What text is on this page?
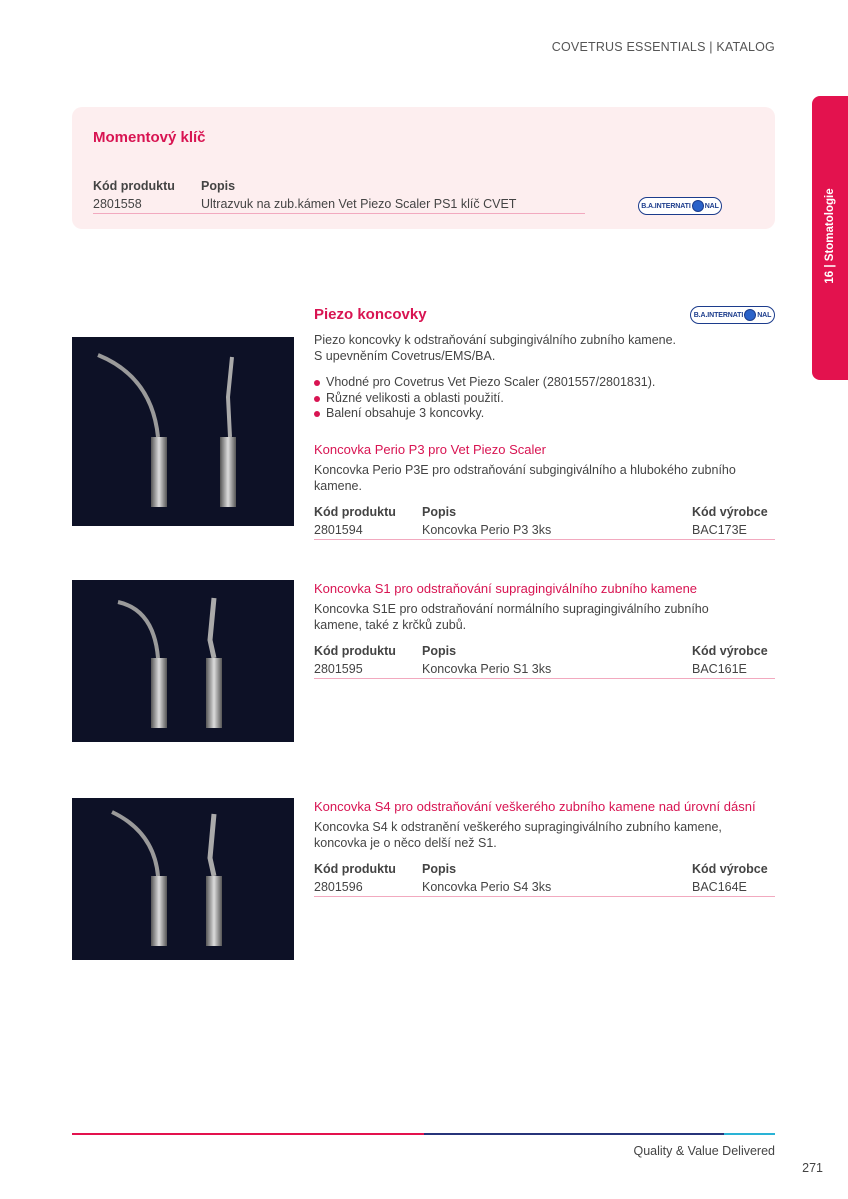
COVETRUS ESSENTIALS | KATALOG
16 | Stomatologie
Momentový klíč
Kód produktu Popis
2801558	Ultrazvuk na zub.kámen Vet Piezo Scaler PS1 klíč CVET	B.A.INTERNATI NAL
Piezo koncovky	B.A.INTERNATI NAL
Piezo koncovky k odstraňování subgingiválního zubního kamene.
S upevněním Covetrus/EMS/BA.
Vhodné pro Covetrus Vet Piezo Scaler (2801557/2801831).
Různé velikosti a oblasti použití.
Balení obsahuje 3 koncovky.
Koncovka Perio P3 pro Vet Piezo Scaler
Koncovka Perio P3E pro odstraňování subgingiválního a hlubokého zubního
kamene.
Kód produktu Popis	Kód výrobce
2801594	Koncovka Perio P3 3ks	BAC173E
Koncovka S1 pro odstraňování supragingiválního zubního kamene
Koncovka S1E pro odstraňování normálního supragingiválního zubního
kamene, také z krčků zubů.
Kód produktu Popis	Kód výrobce
2801595	Koncovka Perio S1 3ks	BAC161E
Koncovka S4 pro odstraňování veškerého zubního kamene nad úrovní dásní
Koncovka S4 k odstranění veškerého supragingiválního zubního kamene,
koncovka je o něco delší než S1.
Kód produktu Popis	Kód výrobce
2801596	Koncovka Perio S4 3ks	BAC164E
Quality & Value Delivered
271
